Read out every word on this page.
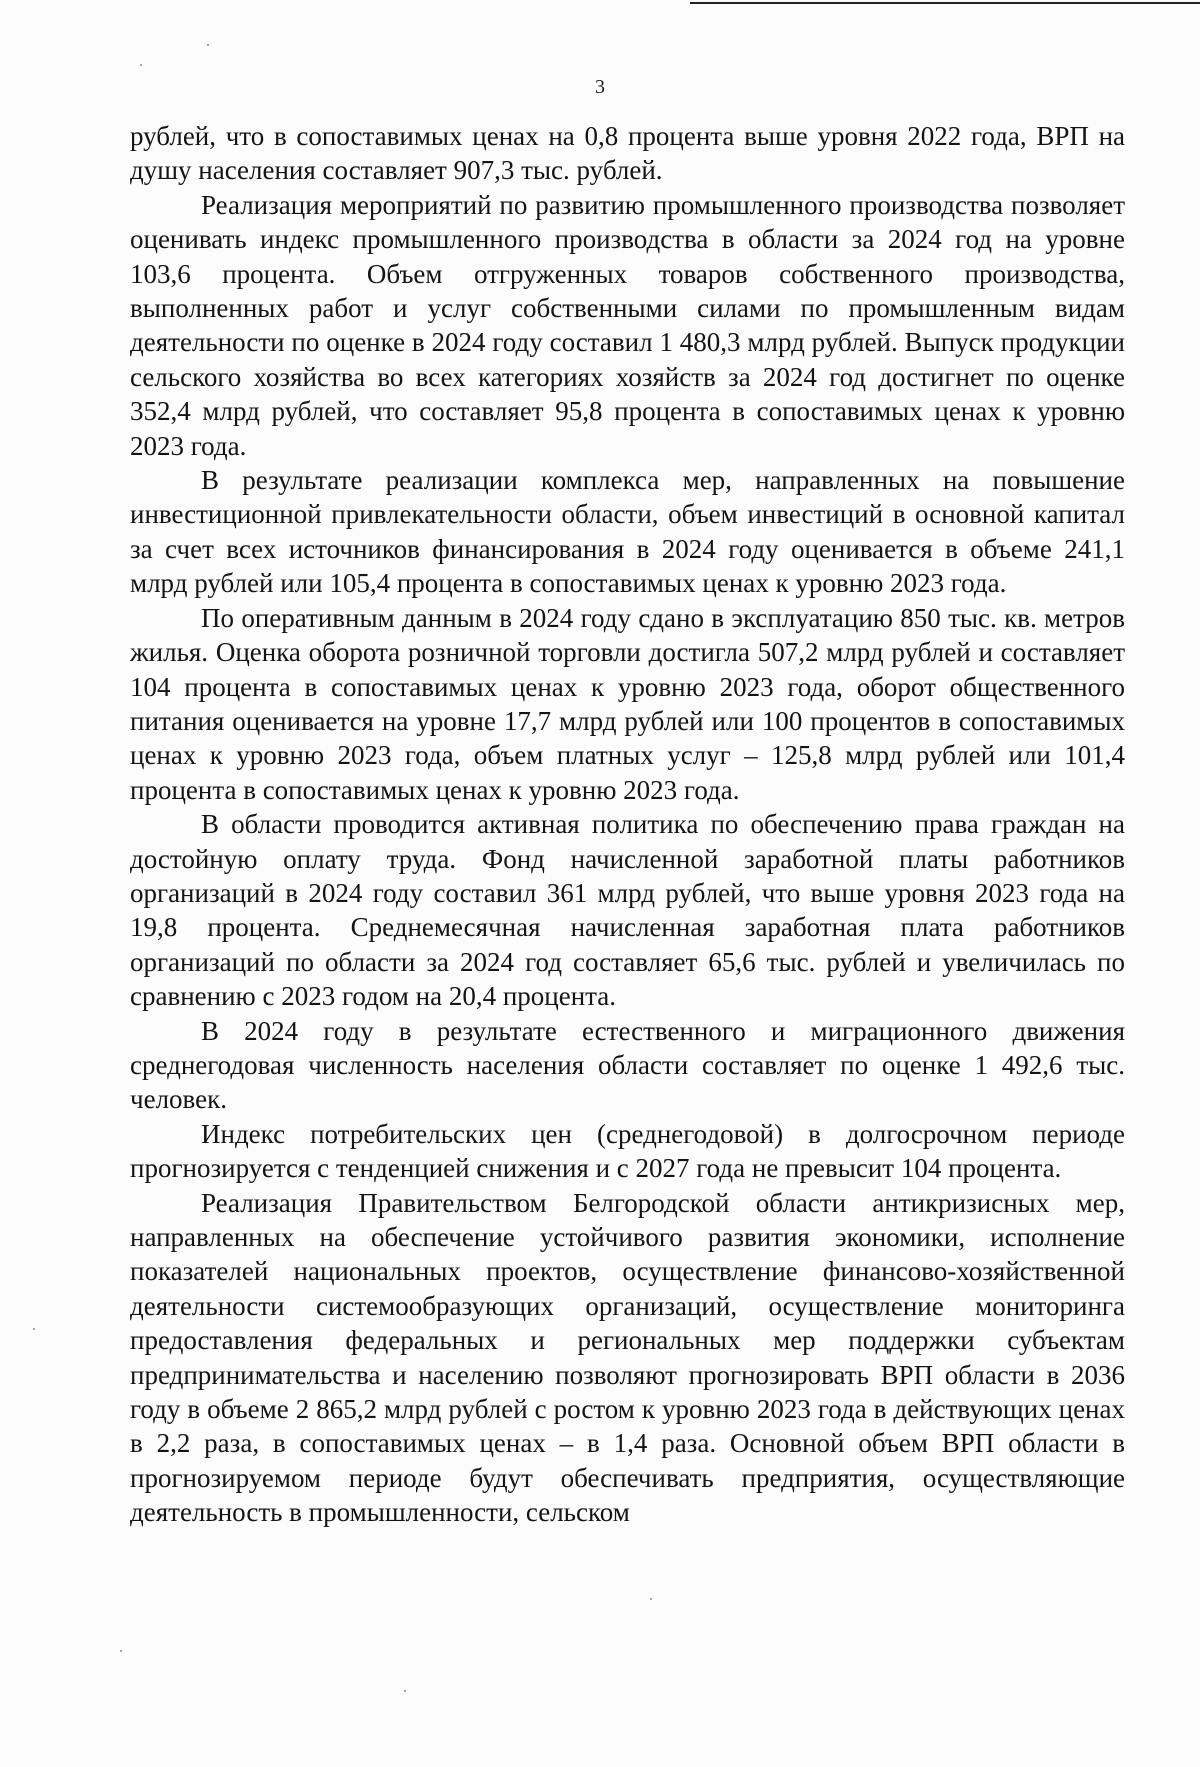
3

рублей, что в сопоставимых ценах на 0,8 процента выше уровня 2022 года, ВРП на душу населения составляет 907,3 тыс. рублей.

Реализация мероприятий по развитию промышленного производства позволяет оценивать индекс промышленного производства в области за 2024 год на уровне 103,6 процента. Объем отгруженных товаров собственного производства, выполненных работ и услуг собственными силами по промышленным видам деятельности по оценке в 2024 году составил 1 480,3 млрд рублей. Выпуск продукции сельского хозяйства во всех категориях хозяйств за 2024 год достигнет по оценке 352,4 млрд рублей, что составляет 95,8 процента в сопоставимых ценах к уровню 2023 года.

В результате реализации комплекса мер, направленных на повышение инвестиционной привлекательности области, объем инвестиций в основной капитал за счет всех источников финансирования в 2024 году оценивается в объеме 241,1 млрд рублей или 105,4 процента в сопоставимых ценах к уровню 2023 года.

По оперативным данным в 2024 году сдано в эксплуатацию 850 тыс. кв. метров жилья. Оценка оборота розничной торговли достигла 507,2 млрд рублей и составляет 104 процента в сопоставимых ценах к уровню 2023 года, оборот общественного питания оценивается на уровне 17,7 млрд рублей или 100 процентов в сопоставимых ценах к уровню 2023 года, объем платных услуг – 125,8 млрд рублей или 101,4 процента в сопоставимых ценах к уровню 2023 года.

В области проводится активная политика по обеспечению права граждан на достойную оплату труда. Фонд начисленной заработной платы работников организаций в 2024 году составил 361 млрд рублей, что выше уровня 2023 года на 19,8 процента. Среднемесячная начисленная заработная плата работников организаций по области за 2024 год составляет 65,6 тыс. рублей и увеличилась по сравнению с 2023 годом на 20,4 процента.

В 2024 году в результате естественного и миграционного движения среднегодовая численность населения области составляет по оценке 1 492,6 тыс. человек.

Индекс потребительских цен (среднегодовой) в долгосрочном периоде прогнозируется с тенденцией снижения и с 2027 года не превысит 104 процента.

Реализация Правительством Белгородской области антикризисных мер, направленных на обеспечение устойчивого развития экономики, исполнение показателей национальных проектов, осуществление финансово-хозяйственной деятельности системообразующих организаций, осуществление мониторинга предоставления федеральных и региональных мер поддержки субъектам предпринимательства и населению позволяют прогнозировать ВРП области в 2036 году в объеме 2 865,2 млрд рублей с ростом к уровню 2023 года в действующих ценах в 2,2 раза, в сопоставимых ценах – в 1,4 раза. Основной объем ВРП области в прогнозируемом периоде будут обеспечивать предприятия, осуществляющие деятельность в промышленности, сельском
